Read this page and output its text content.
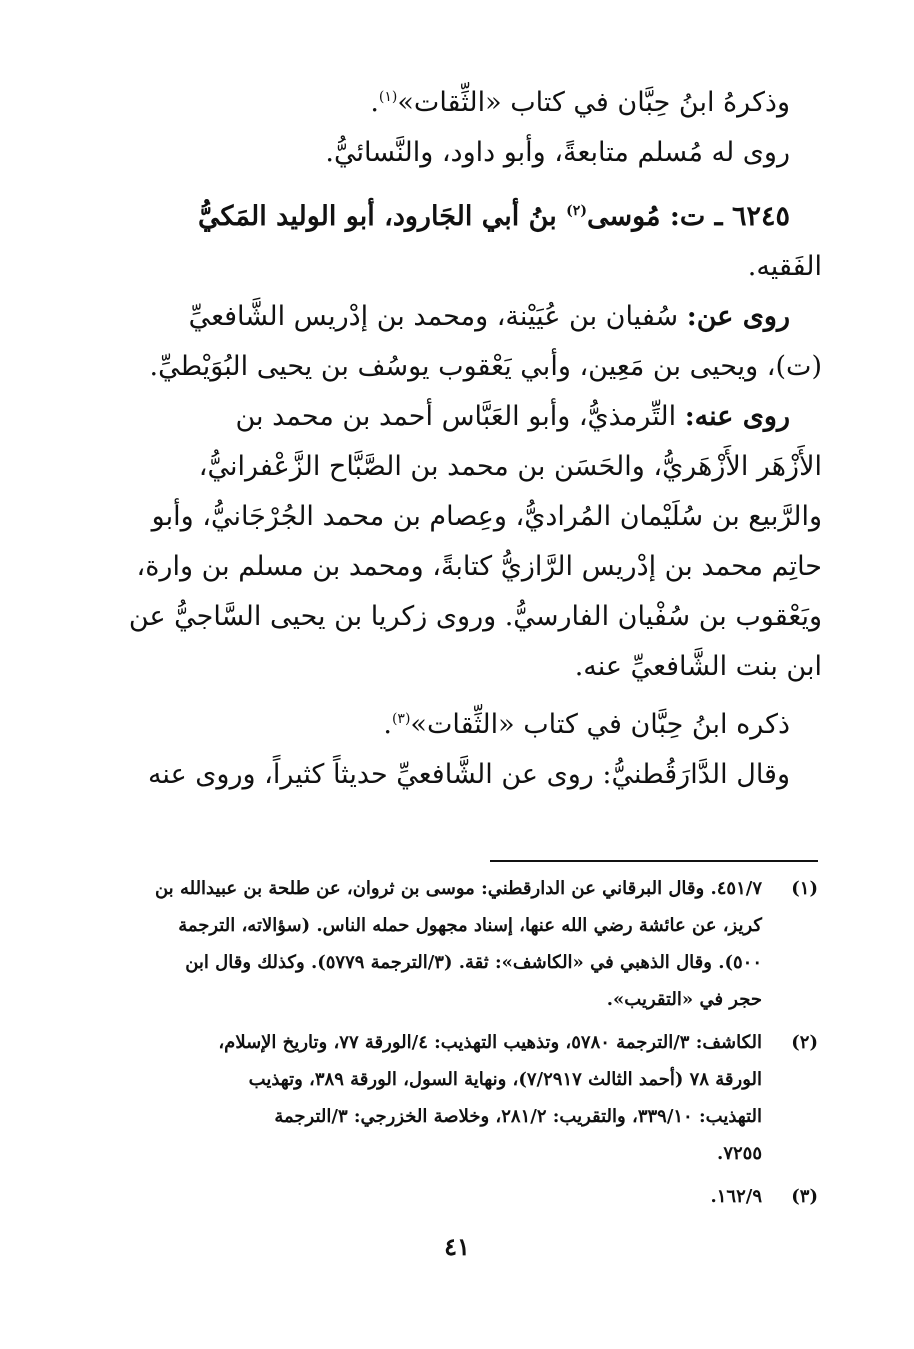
وذكرهُ ابنُ حِبَّان في كتاب «الثِّقات»$^{(١)}$.
روى له مُسلم متابعةً، وأبو داود، والنَّسائيُّ.
٦٢٤٥ ـ ت: مُوسى$^{(٢)}$ بنُ أبي الجَارود، أبو الوليد المَكيُّ
الفَقيه.
روى عن: سُفيان بن عُيَيْنة، ومحمد بن إدْريس الشَّافعيِّ
(ت)، ويحيى بن مَعِين، وأبي يَعْقوب يوسُف بن يحيى البُوَيْطيِّ.
روى عنه: التِّرمذيُّ، وأبو العَبَّاس أحمد بن محمد بن
الأَزْهَر الأَزْهَريُّ، والحَسَن بن محمد بن الصَّبَّاح الزَّعْفرانيُّ،
والرَّبيع بن سُلَيْمان المُراديُّ، وعِصام بن محمد الجُرْجَانيُّ، وأبو
حاتِم محمد بن إدْريس الرَّازيُّ كتابةً، ومحمد بن مسلم بن وارة،
ويَعْقوب بن سُفْيان الفارسيُّ. وروى زكريا بن يحيى السَّاجيُّ عن
ابن بنت الشَّافعيِّ عنه.
ذكره ابنُ حِبَّان في كتاب «الثِّقات»$^{(٣)}$.
وقال الدَّارَقُطنيُّ: روى عن الشَّافعيِّ حديثاً كثيراً، وروى عنه
(١)
٤٥١/٧. وقال البرقاني عن الدارقطني: موسى بن ثروان، عن طلحة بن عبيدالله بن
كريز، عن عائشة رضي الله عنها، إسناد مجهول حمله الناس. (سؤالاته، الترجمة
٥٠٠). وقال الذهبي في «الكاشف»: ثقة. (٣/الترجمة ٥٧٧٩). وكذلك وقال ابن
حجر في «التقريب».
(٢)
الكاشف: ٣/الترجمة ٥٧٨٠، وتذهيب التهذيب: ٤/الورقة ٧٧، وتاريخ الإسلام،
الورقة ٧٨ (أحمد الثالث ٧/٢٩١٧)، ونهاية السول، الورقة ٣٨٩، وتهذيب
التهذيب: ٣٣٩/١٠، والتقريب: ٢٨١/٢، وخلاصة الخزرجي: ٣/الترجمة
٧٢٥٥.
(٣)
١٦٢/٩.
٤١
